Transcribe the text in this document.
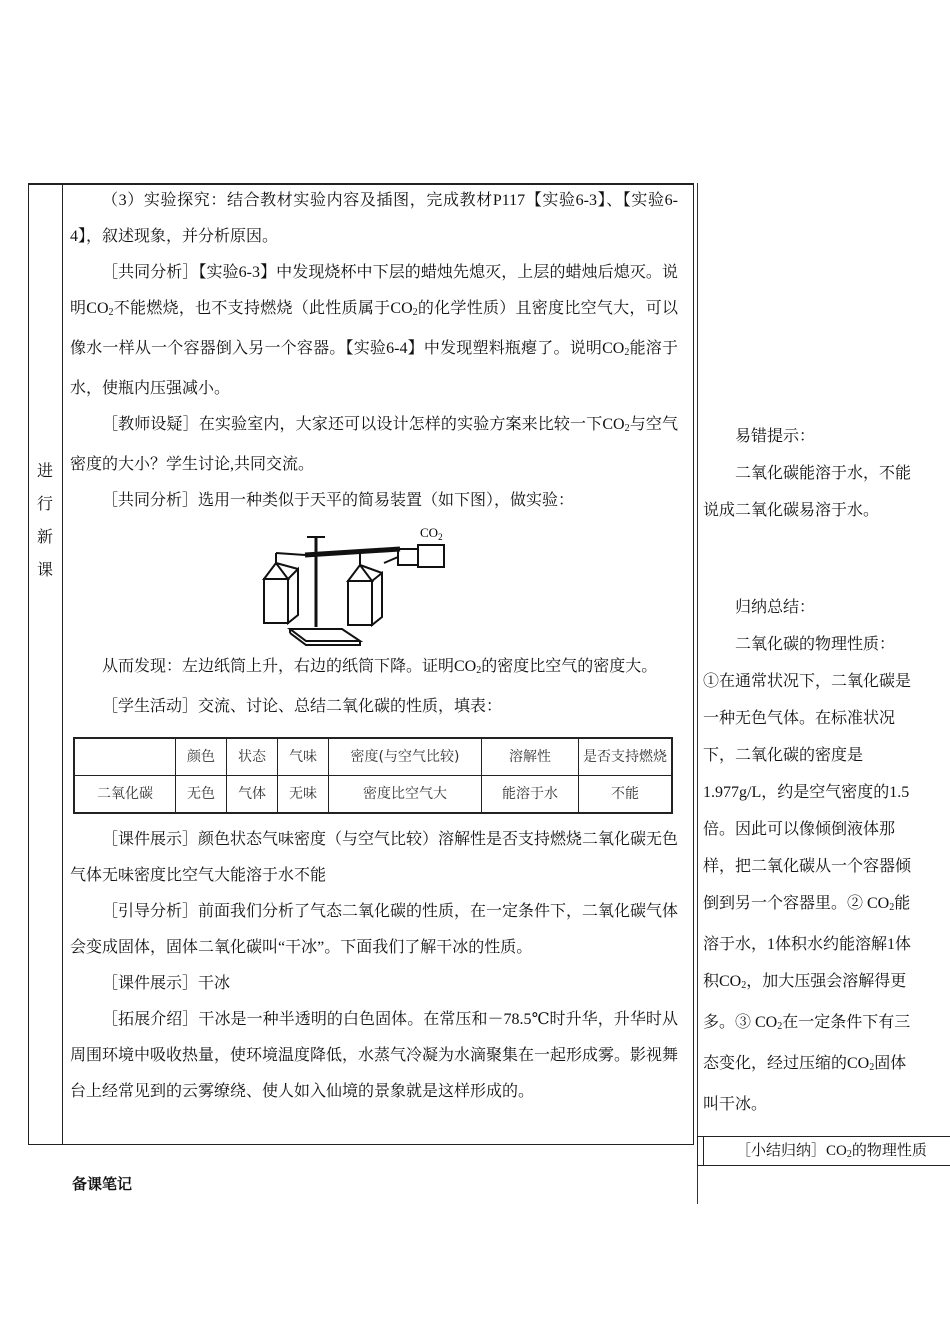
进
行
新
课

（3）实验探究：结合教材实验内容及插图，完成教材P117【实验6-3】、【实验6-4】，叙述现象，并分析原因。

［共同分析］【实验6-3】中发现烧杯中下层的蜡烛先熄灭，上层的蜡烛后熄灭。说明$CO_2$不能燃烧，也不支持燃烧（此性质属于$CO_2$的化学性质）且密度比空气大，可以像水一样从一个容器倒入另一个容器。【实验6-4】中发现塑料瓶瘪了。说明$CO_2$能溶于水，使瓶内压强减小。

［教师设疑］在实验室内，大家还可以设计怎样的实验方案来比较一下$CO_2$与空气密度的大小？学生讨论,共同交流。

［共同分析］选用一种类似于天平的简易装置（如下图），做实验：

$CO_2$

从而发现：左边纸筒上升，右边的纸筒下降。证明$CO_2$的密度比空气的密度大。

［学生活动］交流、讨论、总结二氧化碳的性质，填表：

	颜色	状态	气味	密度(与空气比较)	溶解性	是否支持燃烧
二氧化碳	无色	气体	无味	密度比空气大	能溶于水	不能

［课件展示］颜色状态气味密度（与空气比较）溶解性是否支持燃烧二氧化碳无色气体无味密度比空气大能溶于水不能

［引导分析］前面我们分析了气态二氧化碳的性质，在一定条件下，二氧化碳气体会变成固体，固体二氧化碳叫“干冰”。下面我们了解干冰的性质。

［课件展示］干冰

［拓展介绍］干冰是一种半透明的白色固体。在常压和－78.5℃时升华，升华时从周围环境中吸收热量，使环境温度降低，水蒸气冷凝为水滴聚集在一起形成雾。影视舞台上经常见到的云雾缭绕、使人如入仙境的景象就是这样形成的。

易错提示：

二氧化碳能溶于水，不能说成二氧化碳易溶于水。

归纳总结：

二氧化碳的物理性质：

①在通常状况下，二氧化碳是一种无色气体。在标准状况下，二氧化碳的密度是1.977g/L，约是空气密度的1.5倍。因此可以像倾倒液体那样，把二氧化碳从一个容器倾倒到另一个容器里。② $CO_2$能溶于水，1体积水约能溶解1体积$CO_2$，加大压强会溶解得更多。③ $CO_2$在一定条件下有三态变化，经过压缩的$CO_2$固体叫干冰。

［小结归纳$]CO_2$的物理性质
备课笔记
